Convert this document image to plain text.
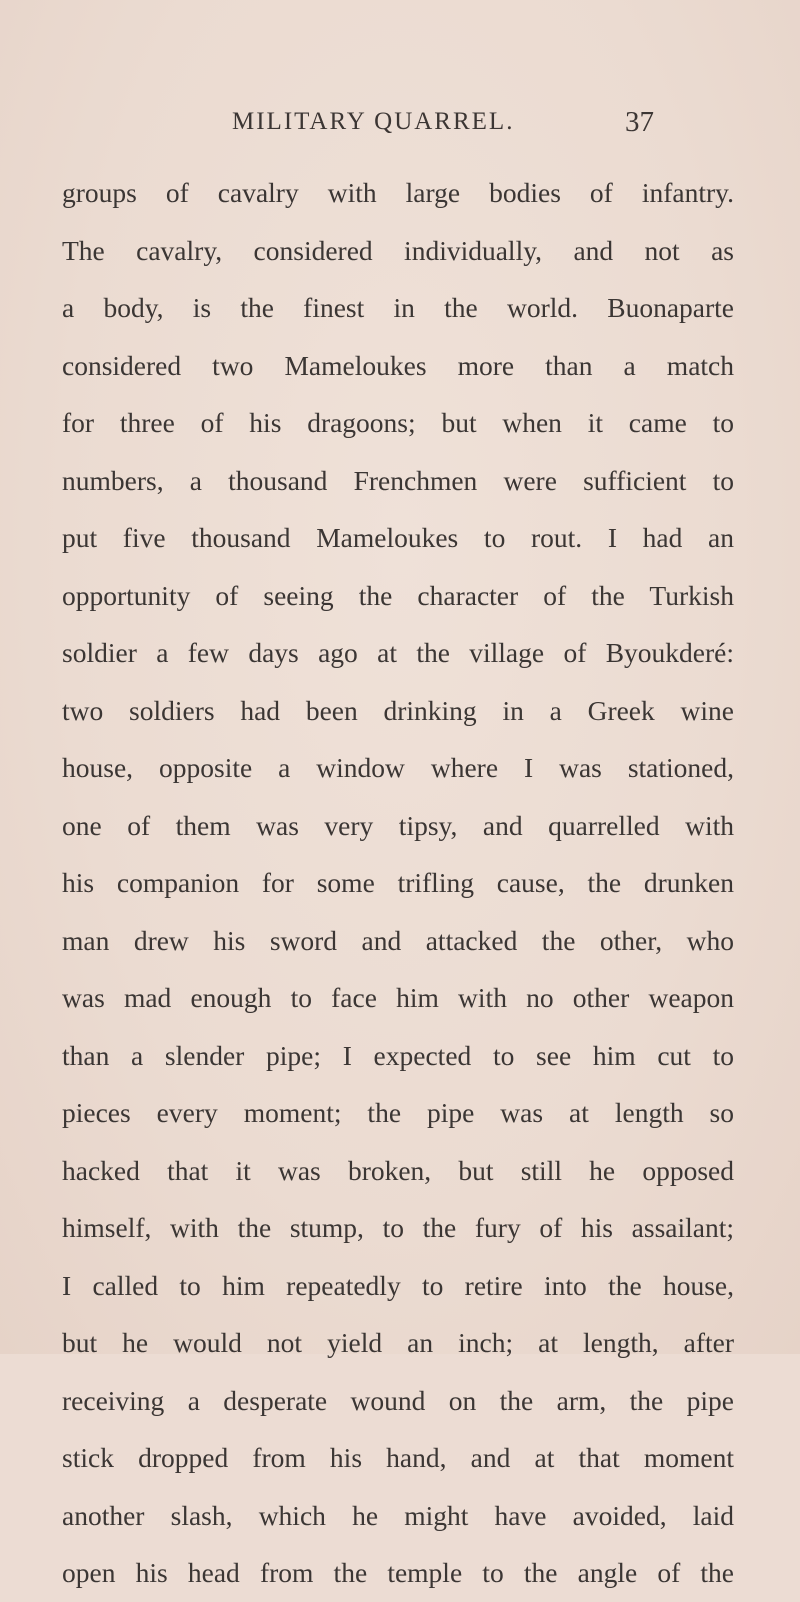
MILITARY QUARREL.	37
groups of cavalry with large bodies of infantry.
The cavalry, considered individually, and not as
a body, is the finest in the world. Buonaparte
considered two Mameloukes more than a match
for three of his dragoons; but when it came to
numbers, a thousand Frenchmen were sufficient to
put five thousand Mameloukes to rout. I had an
opportunity of seeing the character of the Turkish
soldier a few days ago at the village of Byoukderé:
two soldiers had been drinking in a Greek wine
house, opposite a window where I was stationed,
one of them was very tipsy, and quarrelled with
his companion for some trifling cause, the drunken
man drew his sword and attacked the other, who
was mad enough to face him with no other weapon
than a slender pipe; I expected to see him cut to
pieces every moment; the pipe was at length so
hacked that it was broken, but still he opposed
himself, with the stump, to the fury of his assailant;
I called to him repeatedly to retire into the house,
but he would not yield an inch; at length, after
receiving a desperate wound on the arm, the pipe
stick dropped from his hand, and at that moment
another slash, which he might have avoided, laid
open his head from the temple to the angle of the
